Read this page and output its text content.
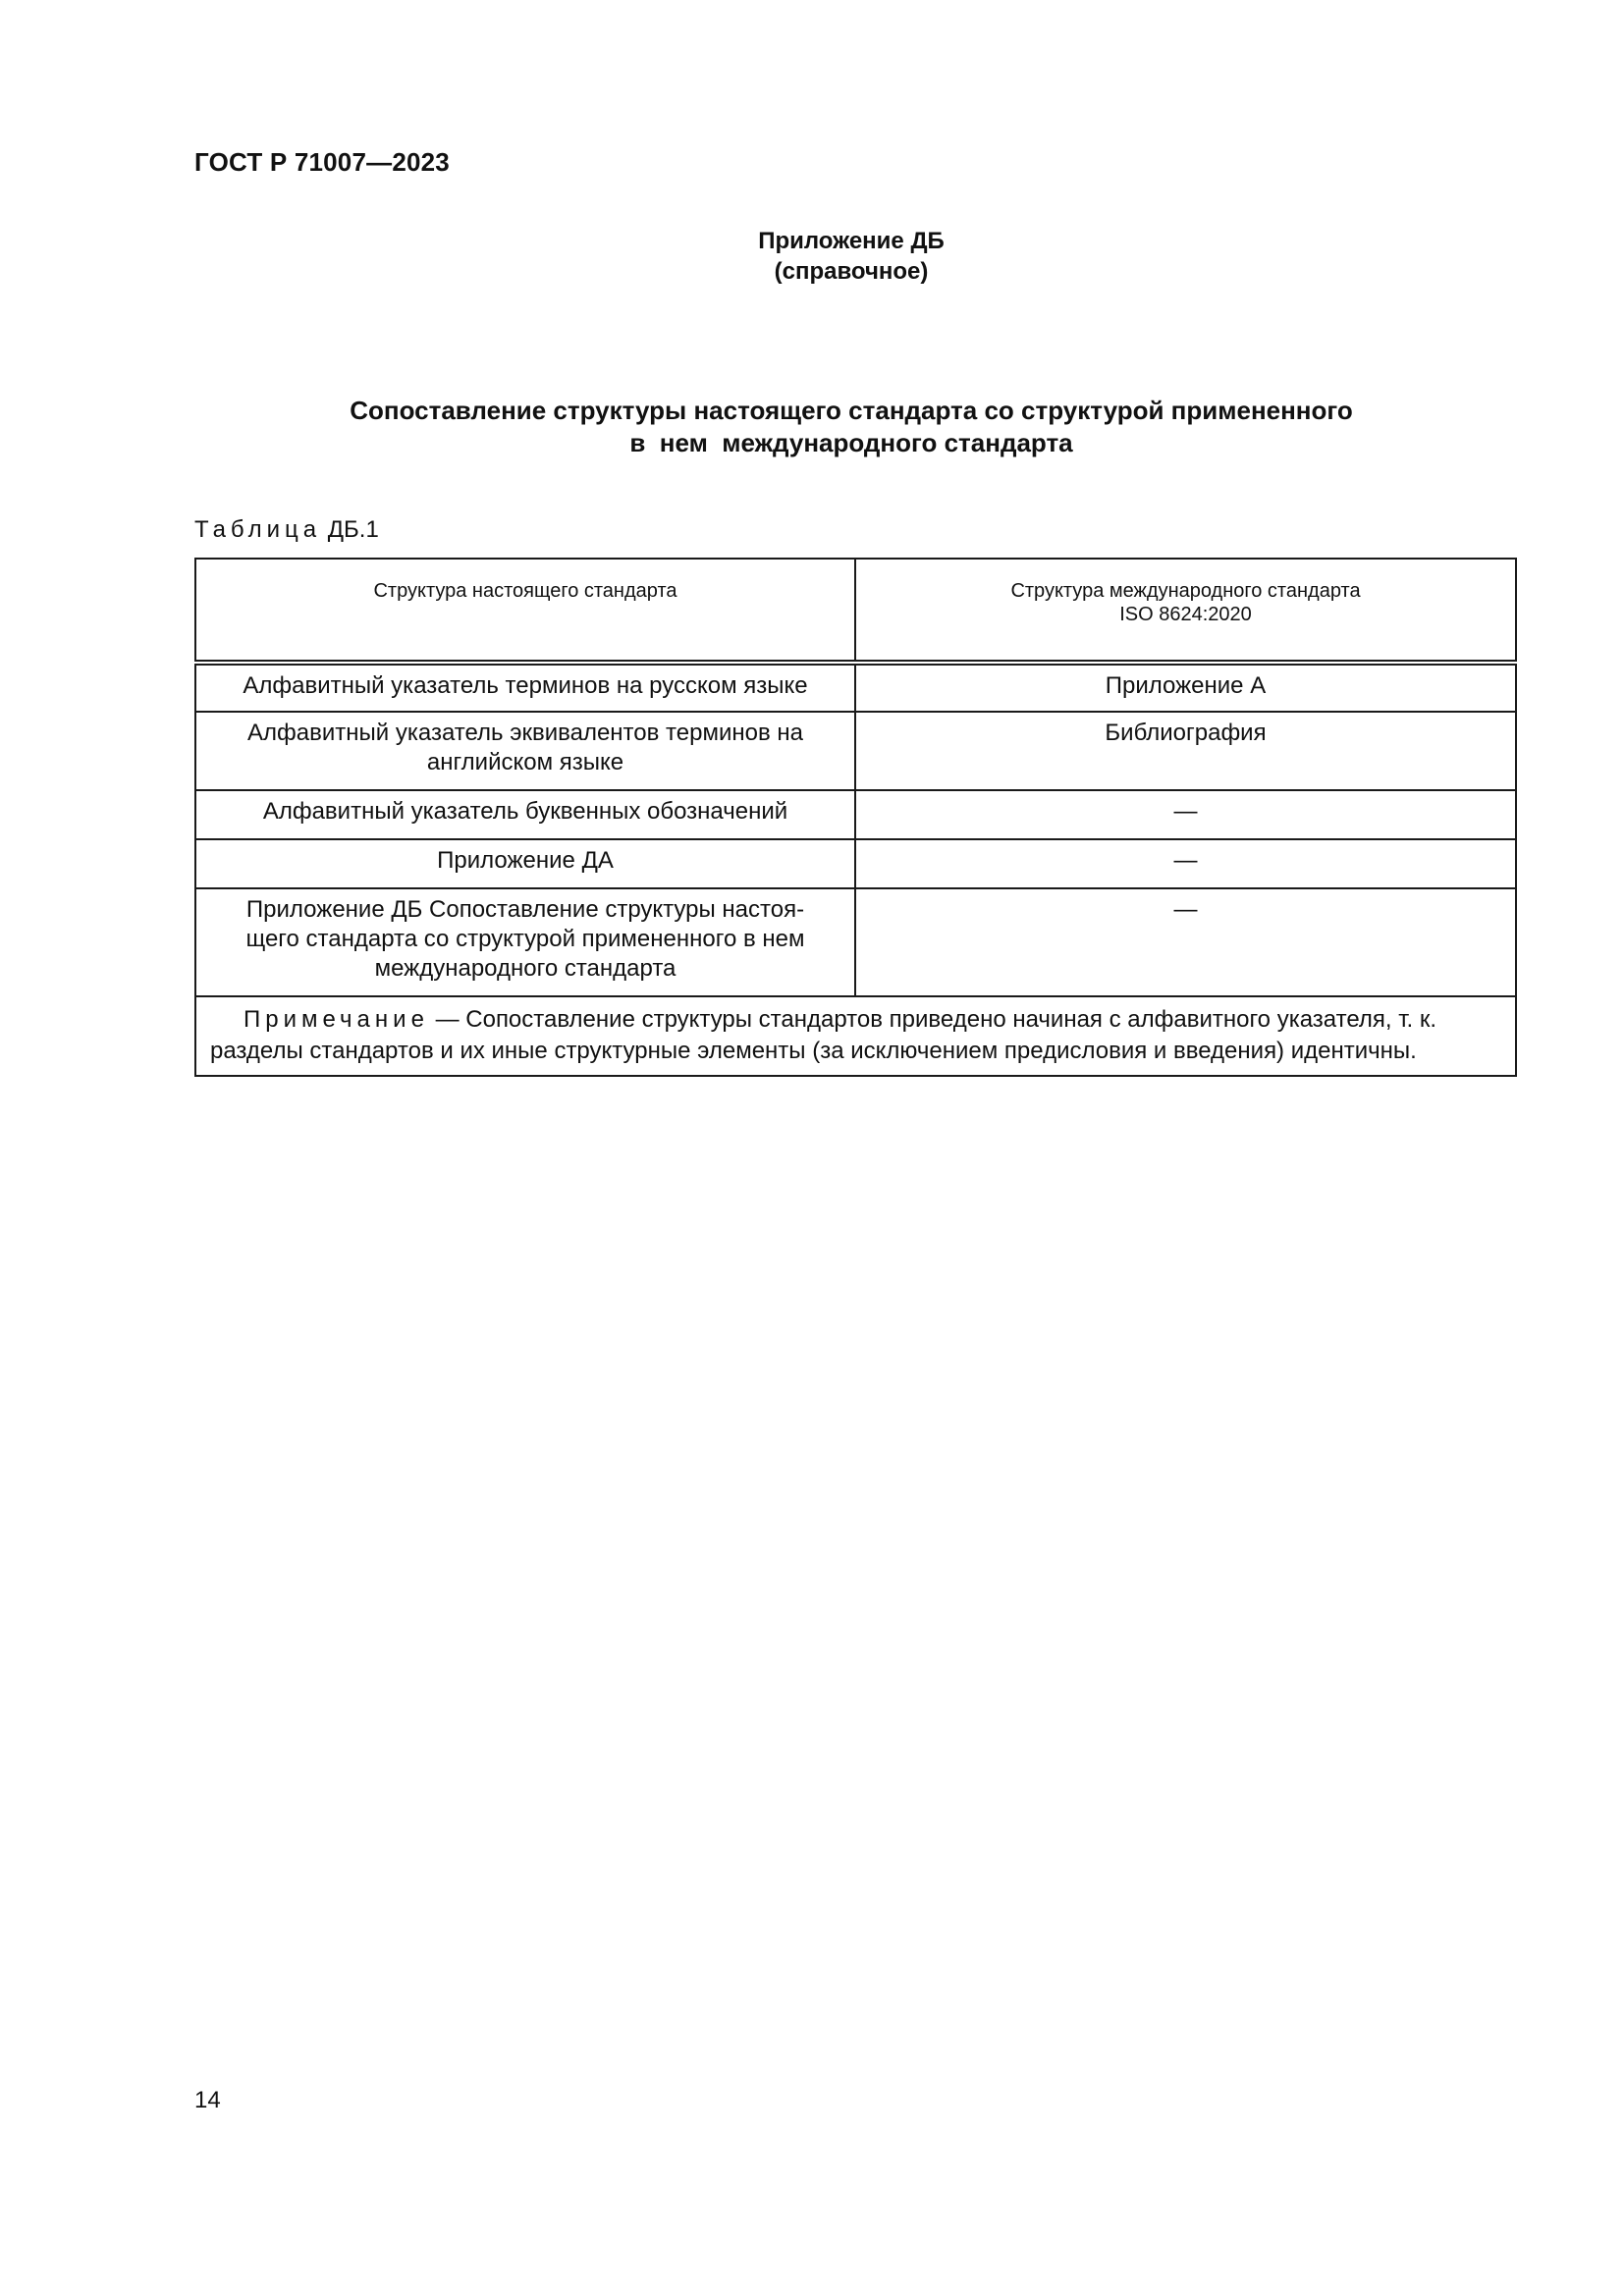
ГОСТ Р 71007—2023
Приложение ДБ
(справочное)
Сопоставление структуры настоящего стандарта со структурой примененного
в  нем  международного стандарта
Таблица ДБ.1
Структура настоящего стандарта	Структура международного стандарта
ISO 8624:2020

Алфавитный указатель терминов на русском языке	Приложение А
Алфавитный указатель эквивалентов терминов на английском языке	Библиография
Алфавитный указатель буквенных обозначений	—
Приложение ДА	—
Приложение ДБ Сопоставление структуры настоя-щего стандарта со структурой примененного в нем международного стандарта	—
Примечание — Сопоставление структуры стандартов приведено начиная с алфавитного указателя, т. к. разделы стандартов и их иные структурные элементы (за исключением предисловия и введения) идентичны.	
14
